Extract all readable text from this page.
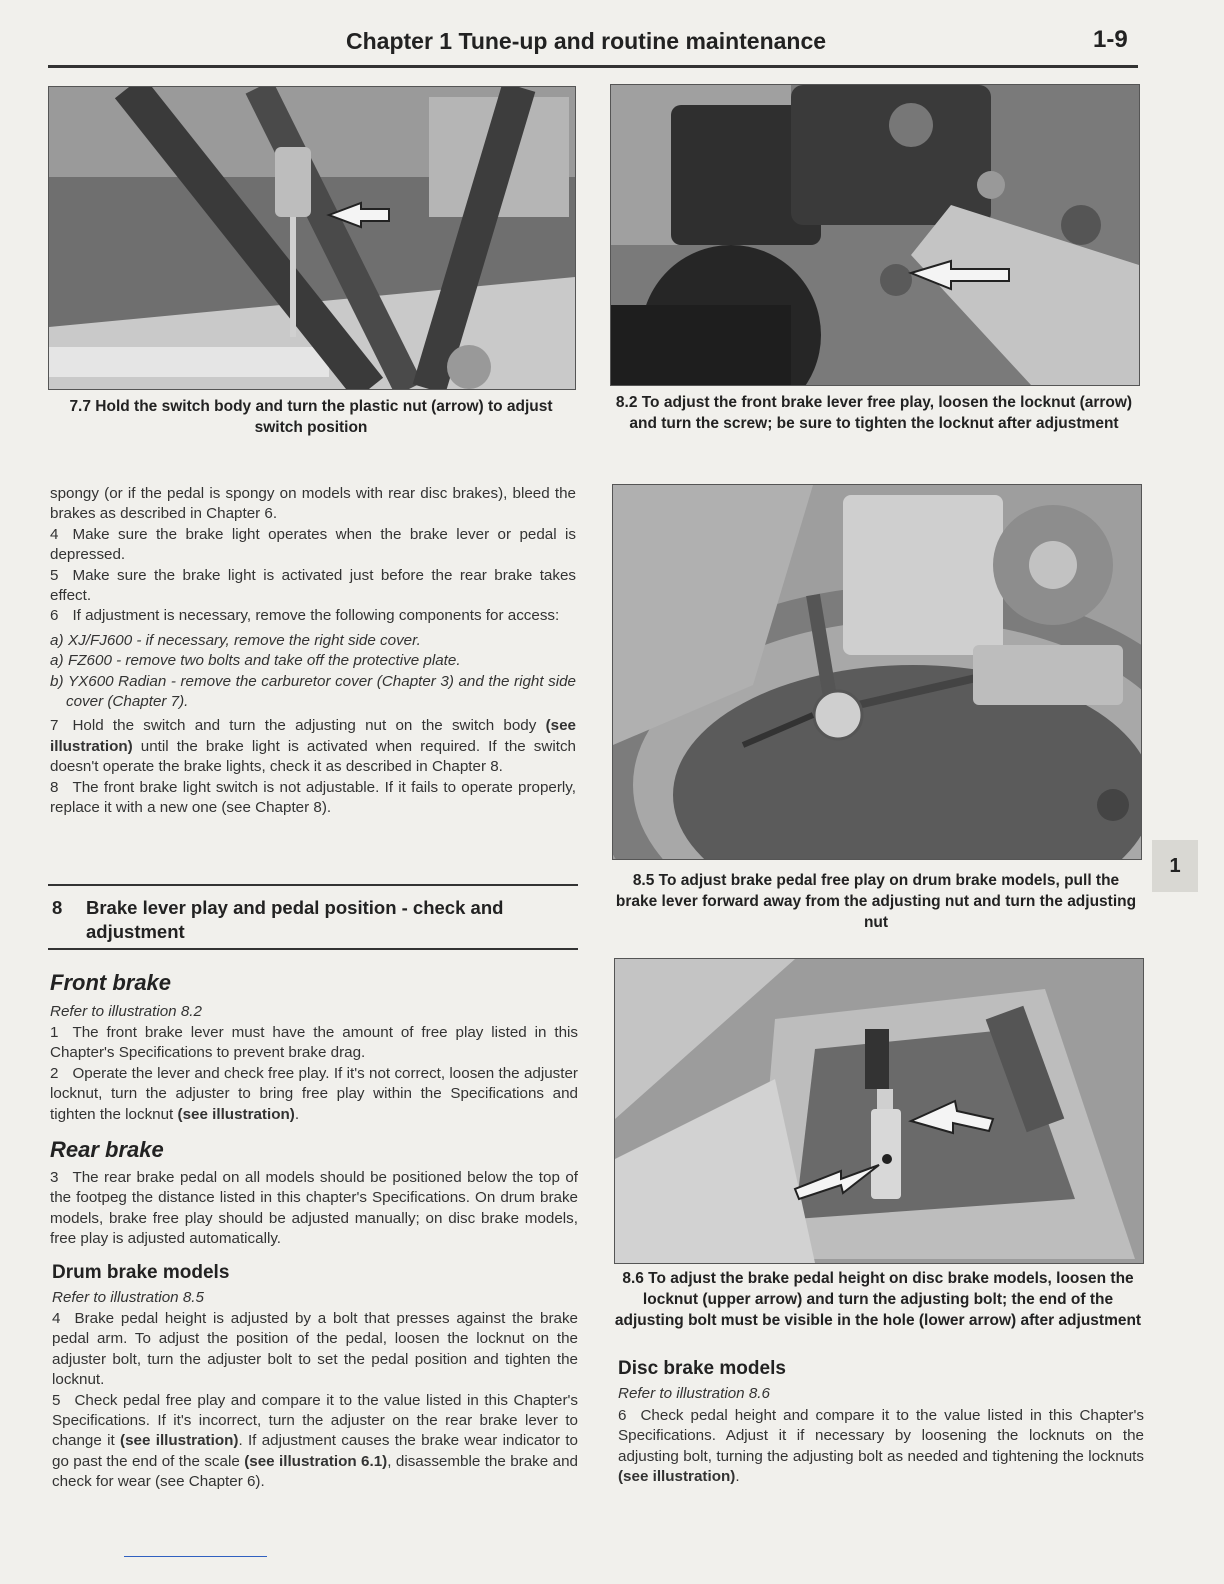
Chapter 1 Tune-up and routine maintenance	1-9
7.7 Hold the switch body and turn the plastic nut (arrow) to adjust switch position
8.2 To adjust the front brake lever free play, loosen the locknut (arrow) and turn the screw; be sure to tighten the locknut after adjustment
8.5 To adjust brake pedal free play on drum brake models, pull the brake lever forward away from the adjusting nut and turn the adjusting nut
8.6 To adjust the brake pedal height on disc brake models, loosen the locknut (upper arrow) and turn the adjusting bolt; the end of the adjusting bolt must be visible in the hole (lower arrow) after adjustment

spongy (or if the pedal is spongy on models with rear disc brakes), bleed the brakes as described in Chapter 6.

4 Make sure the brake light operates when the brake lever or pedal is depressed.

5 Make sure the brake light is activated just before the rear brake takes effect.

6 If adjustment is necessary, remove the following components for access:

a) XJ/FJ600 - if necessary, remove the right side cover.

a) FZ600 - remove two bolts and take off the protective plate.

b) YX600 Radian - remove the carburetor cover (Chapter 3) and the right side cover (Chapter 7).

7 Hold the switch and turn the adjusting nut on the switch body (see illustration) until the brake light is activated when required. If the switch doesn't operate the brake lights, check it as described in Chapter 8.

8 The front brake light switch is not adjustable. If it fails to operate properly, replace it with a new one (see Chapter 8).

8 Brake lever play and pedal position - check and adjustment
Front brake
Refer to illustration 8.2

1 The front brake lever must have the amount of free play listed in this Chapter's Specifications to prevent brake drag.

2 Operate the lever and check free play. If it's not correct, loosen the adjuster locknut, turn the adjuster to bring free play within the Specifications and tighten the locknut (see illustration).

Rear brake

3 The rear brake pedal on all models should be positioned below the top of the footpeg the distance listed in this chapter's Specifications. On drum brake models, brake free play should be adjusted manually; on disc brake models, free play is adjusted automatically.

Drum brake models
Refer to illustration 8.5

4 Brake pedal height is adjusted by a bolt that presses against the brake pedal arm. To adjust the position of the pedal, loosen the locknut on the adjuster bolt, turn the adjuster bolt to set the pedal position and tighten the locknut.

5 Check pedal free play and compare it to the value listed in this Chapter's Specifications. If it's incorrect, turn the adjuster on the rear brake lever to change it (see illustration). If adjustment causes the brake wear indicator to go past the end of the scale (see illustration 6.1), disassemble the brake and check for wear (see Chapter 6).

Disc brake models
Refer to illustration 8.6

6 Check pedal height and compare it to the value listed in this Chapter's Specifications. Adjust it if necessary by loosening the locknuts on the adjusting bolt, turning the adjusting bolt as needed and tightening the locknuts (see illustration).

1
